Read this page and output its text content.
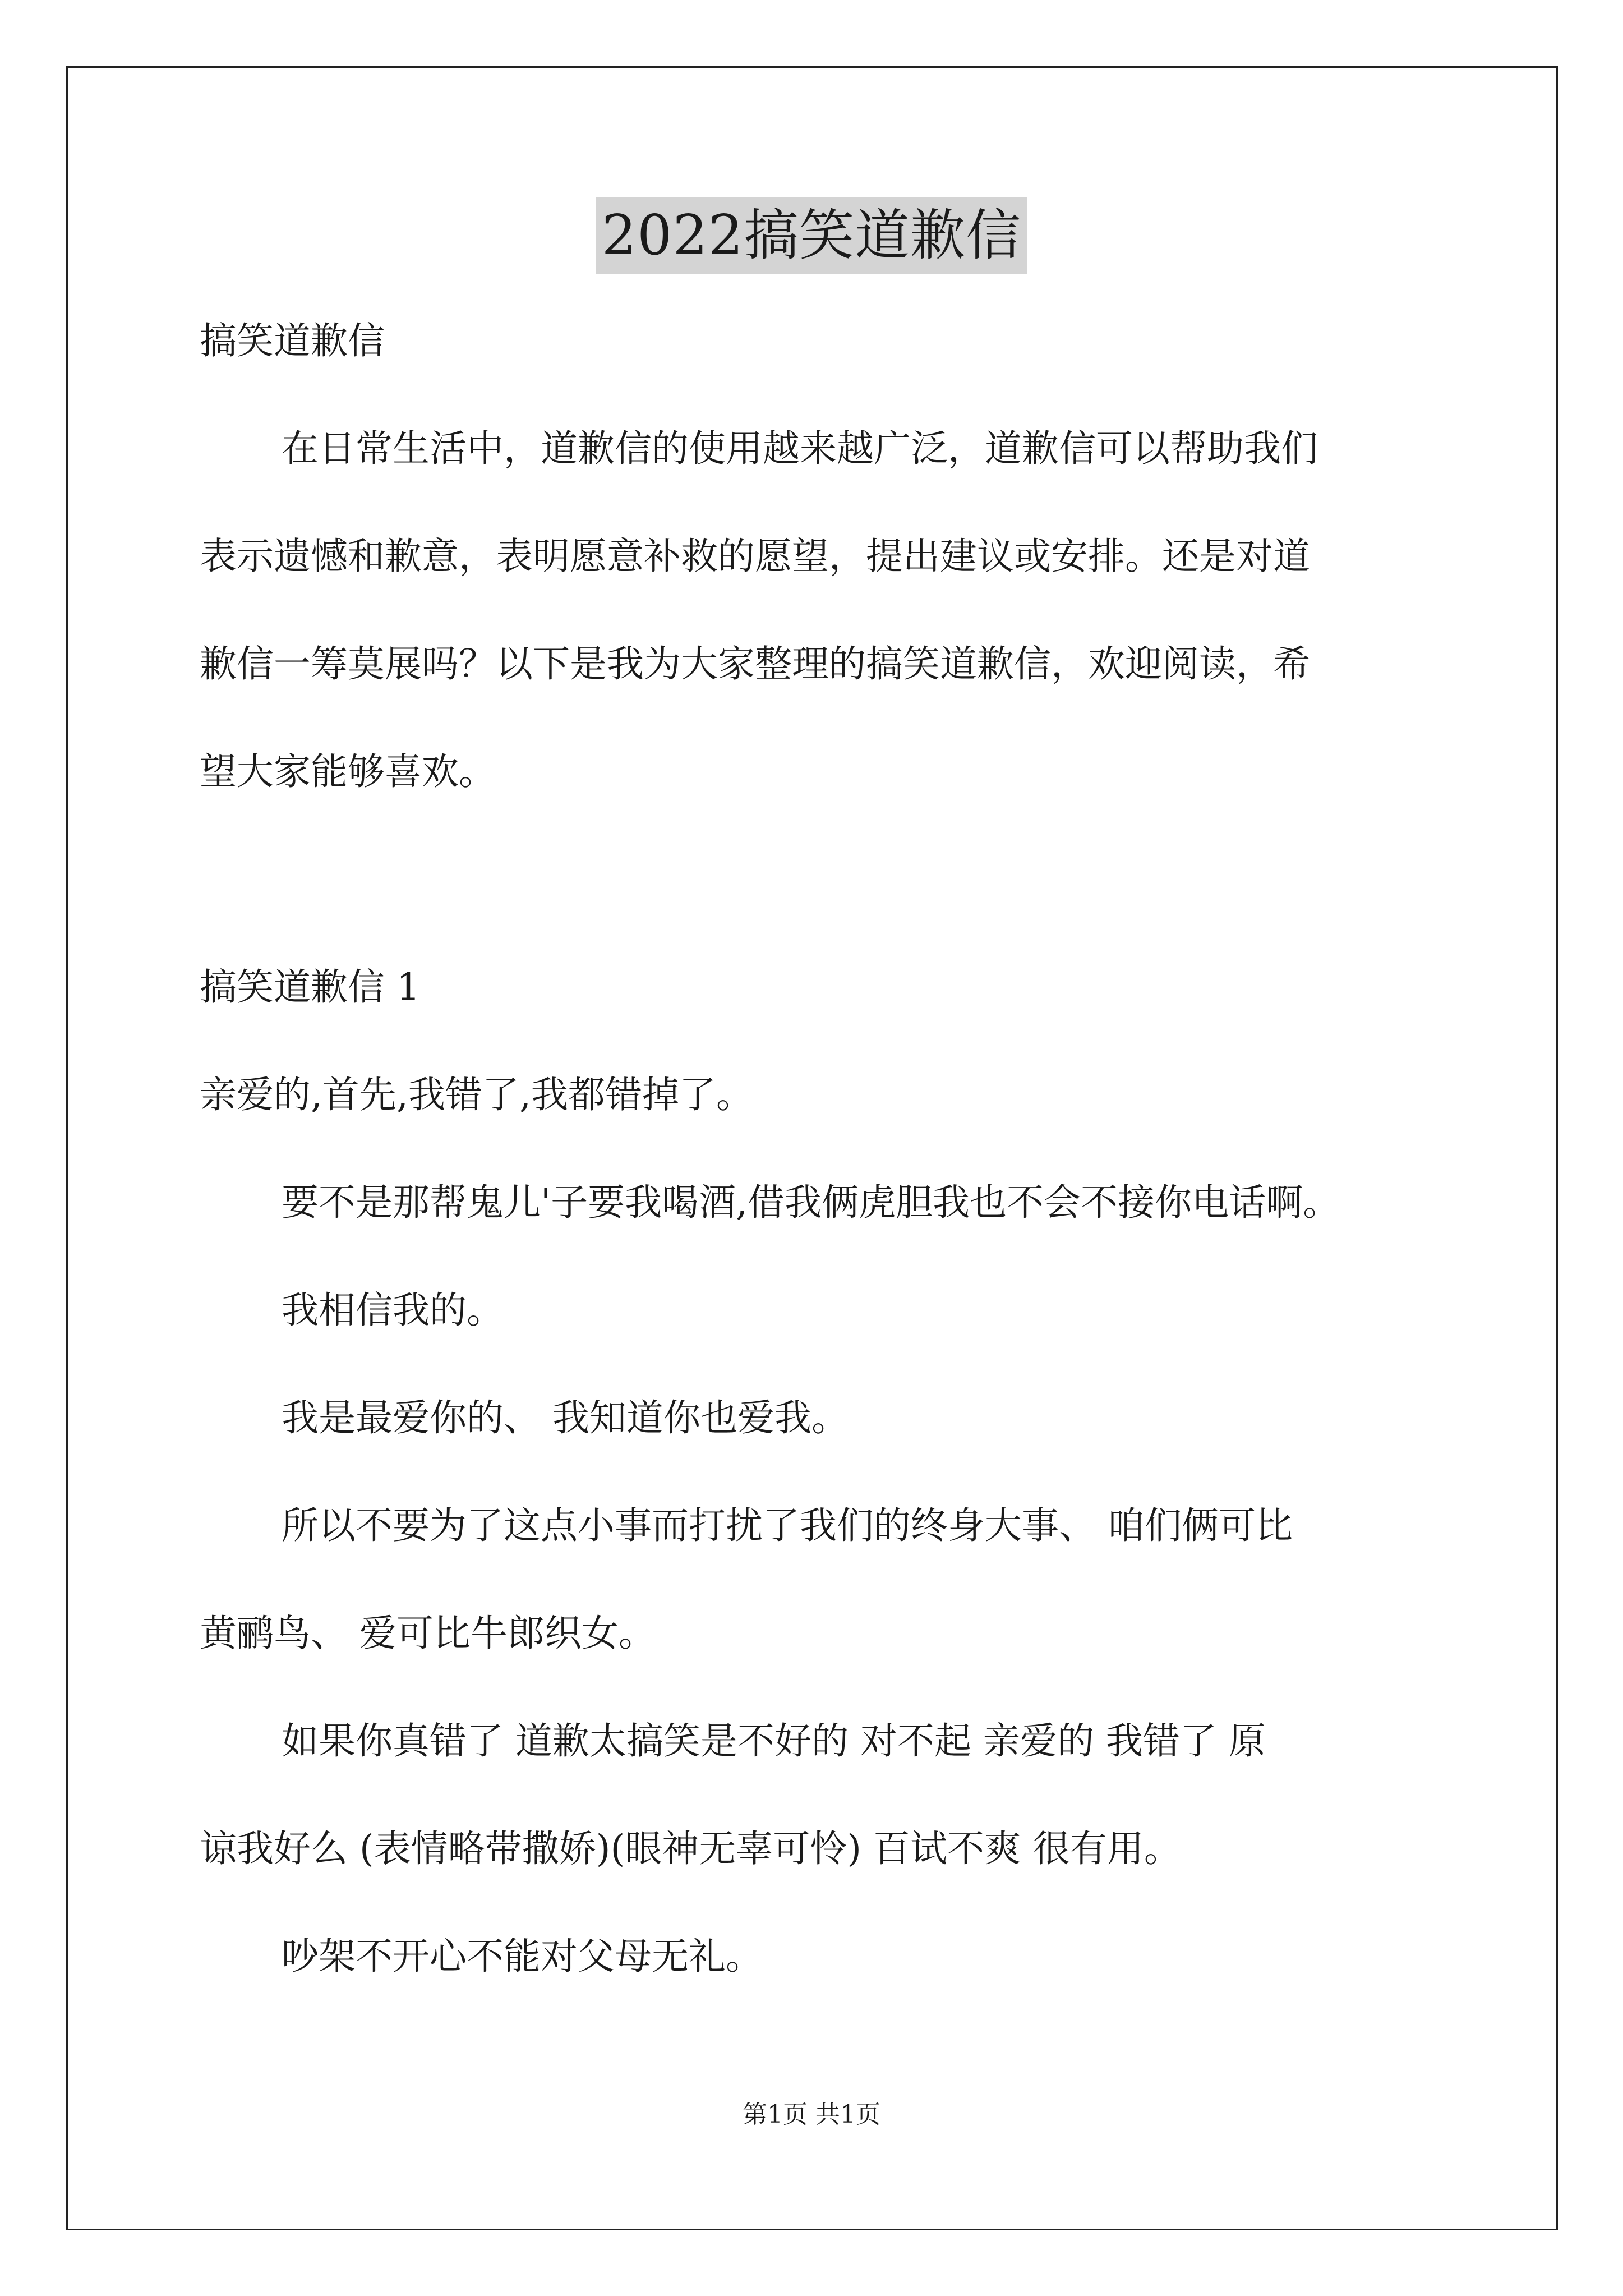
2022搞笑道歉信

搞笑道歉信

在日常生活中，道歉信的使用越来越广泛，道歉信可以帮助我们

表示遗憾和歉意，表明愿意补救的愿望，提出建议或安排。还是对道

歉信一筹莫展吗？以下是我为大家整理的搞笑道歉信，欢迎阅读，希

望大家能够喜欢。

搞笑道歉信 1

亲爱的,首先,我错了,我都错掉了。

要不是那帮鬼儿'子要我喝酒,借我俩虎胆我也不会不接你电话啊。

我相信我的。

我是最爱你的、 我知道你也爱我。

所以不要为了这点小事而打扰了我们的终身大事、 咱们俩可比

黄鹂鸟、 爱可比牛郎织女。

如果你真错了 道歉太搞笑是不好的 对不起 亲爱的 我错了 原

谅我好么 (表情略带撒娇)(眼神无辜可怜) 百试不爽 很有用。

吵架不开心不能对父母无礼。

第1页 共1页
